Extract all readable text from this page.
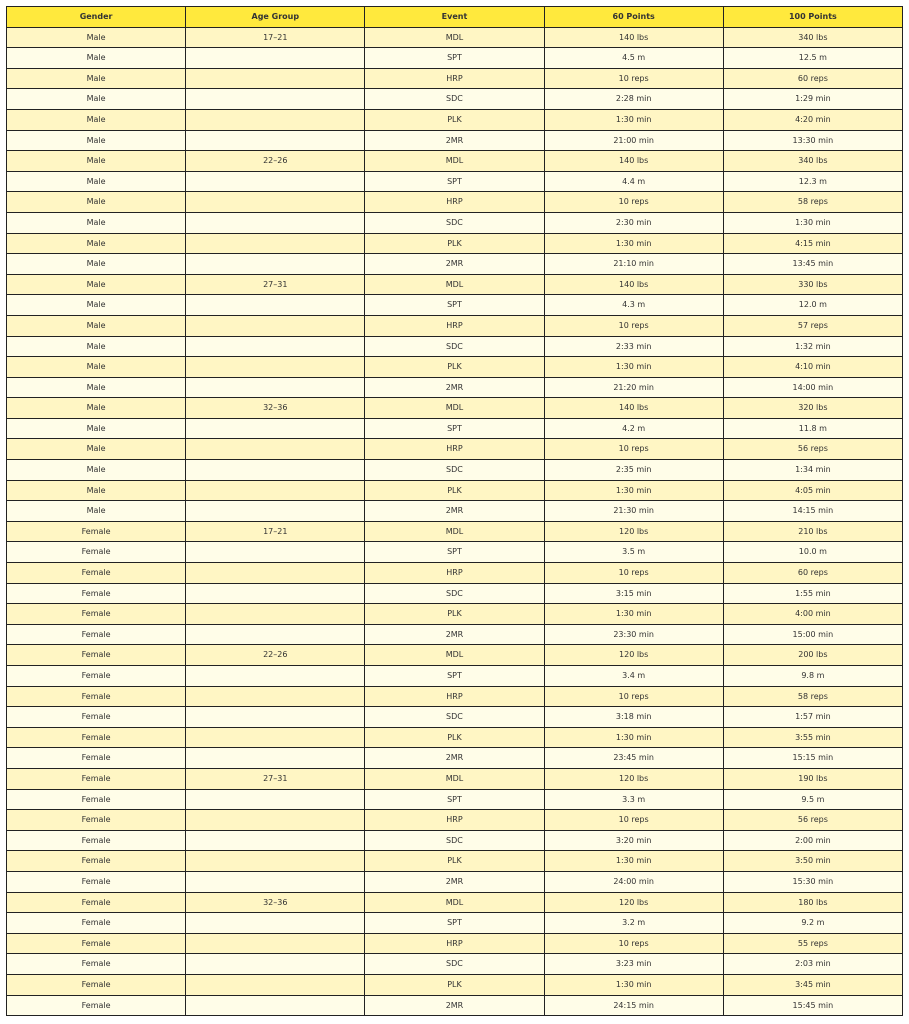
Gender	Age Group	Event	60 Points	100 Points
Male	17–21	MDL	140 lbs	340 lbs
Male		SPT	4.5 m	12.5 m
Male		HRP	10 reps	60 reps
Male		SDC	2:28 min	1:29 min
Male		PLK	1:30 min	4:20 min
Male		2MR	21:00 min	13:30 min
Male	22–26	MDL	140 lbs	340 lbs
Male		SPT	4.4 m	12.3 m
Male		HRP	10 reps	58 reps
Male		SDC	2:30 min	1:30 min
Male		PLK	1:30 min	4:15 min
Male		2MR	21:10 min	13:45 min
Male	27–31	MDL	140 lbs	330 lbs
Male		SPT	4.3 m	12.0 m
Male		HRP	10 reps	57 reps
Male		SDC	2:33 min	1:32 min
Male		PLK	1:30 min	4:10 min
Male		2MR	21:20 min	14:00 min
Male	32–36	MDL	140 lbs	320 lbs
Male		SPT	4.2 m	11.8 m
Male		HRP	10 reps	56 reps
Male		SDC	2:35 min	1:34 min
Male		PLK	1:30 min	4:05 min
Male		2MR	21:30 min	14:15 min
Female	17–21	MDL	120 lbs	210 lbs
Female		SPT	3.5 m	10.0 m
Female		HRP	10 reps	60 reps
Female		SDC	3:15 min	1:55 min
Female		PLK	1:30 min	4:00 min
Female		2MR	23:30 min	15:00 min
Female	22–26	MDL	120 lbs	200 lbs
Female		SPT	3.4 m	9.8 m
Female		HRP	10 reps	58 reps
Female		SDC	3:18 min	1:57 min
Female		PLK	1:30 min	3:55 min
Female		2MR	23:45 min	15:15 min
Female	27–31	MDL	120 lbs	190 lbs
Female		SPT	3.3 m	9.5 m
Female		HRP	10 reps	56 reps
Female		SDC	3:20 min	2:00 min
Female		PLK	1:30 min	3:50 min
Female		2MR	24:00 min	15:30 min
Female	32–36	MDL	120 lbs	180 lbs
Female		SPT	3.2 m	9.2 m
Female		HRP	10 reps	55 reps
Female		SDC	3:23 min	2:03 min
Female		PLK	1:30 min	3:45 min
Female		2MR	24:15 min	15:45 min
